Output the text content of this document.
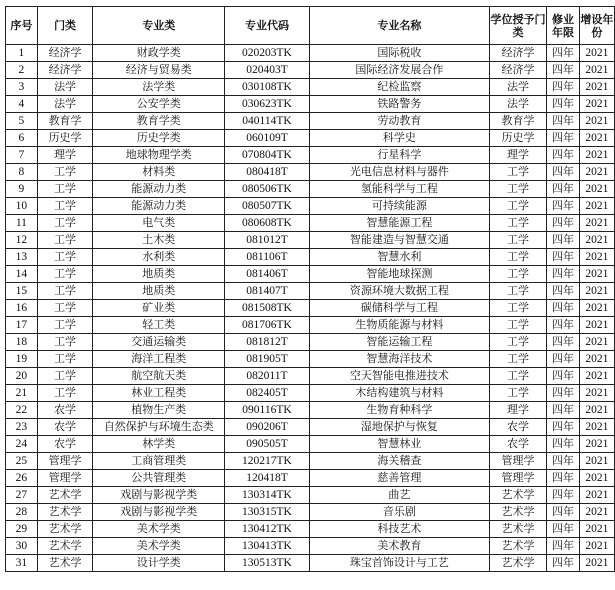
序号	门类	专业类	专业代码	专业名称	学位授予门类	修业年限	增设年份
1	经济学	财政学类	020203TK	国际税收	经济学	四年	2021
2	经济学	经济与贸易类	020403T	国际经济发展合作	经济学	四年	2021
3	法学	法学类	030108TK	纪检监察	法学	四年	2021
4	法学	公安学类	030623TK	铁路警务	法学	四年	2021
5	教育学	教育学类	040114TK	劳动教育	教育学	四年	2021
6	历史学	历史学类	060109T	科学史	历史学	四年	2021
7	理学	地球物理学类	070804TK	行星科学	理学	四年	2021
8	工学	材料类	080418T	光电信息材料与器件	工学	四年	2021
9	工学	能源动力类	080506TK	氢能科学与工程	工学	四年	2021
10	工学	能源动力类	080507TK	可持续能源	工学	四年	2021
11	工学	电气类	080608TK	智慧能源工程	工学	四年	2021
12	工学	土木类	081012T	智能建造与智慧交通	工学	四年	2021
13	工学	水利类	081106T	智慧水利	工学	四年	2021
14	工学	地质类	081406T	智能地球探测	工学	四年	2021
15	工学	地质类	081407T	资源环境大数据工程	工学	四年	2021
16	工学	矿业类	081508TK	碳储科学与工程	工学	四年	2021
17	工学	轻工类	081706TK	生物质能源与材料	工学	四年	2021
18	工学	交通运输类	081812T	智能运输工程	工学	四年	2021
19	工学	海洋工程类	081905T	智慧海洋技术	工学	四年	2021
20	工学	航空航天类	082011T	空天智能电推进技术	工学	四年	2021
21	工学	林业工程类	082405T	木结构建筑与材料	工学	四年	2021
22	农学	植物生产类	090116TK	生物育种科学	理学	四年	2021
23	农学	自然保护与环境生态类	090206T	湿地保护与恢复	农学	四年	2021
24	农学	林学类	090505T	智慧林业	农学	四年	2021
25	管理学	工商管理类	120217TK	海关稽查	管理学	四年	2021
26	管理学	公共管理类	120418T	慈善管理	管理学	四年	2021
27	艺术学	戏剧与影视学类	130314TK	曲艺	艺术学	四年	2021
28	艺术学	戏剧与影视学类	130315TK	音乐剧	艺术学	四年	2021
29	艺术学	美术学类	130412TK	科技艺术	艺术学	四年	2021
30	艺术学	美术学类	130413TK	美术教育	艺术学	四年	2021
31	艺术学	设计学类	130513TK	珠宝首饰设计与工艺	艺术学	四年	2021
